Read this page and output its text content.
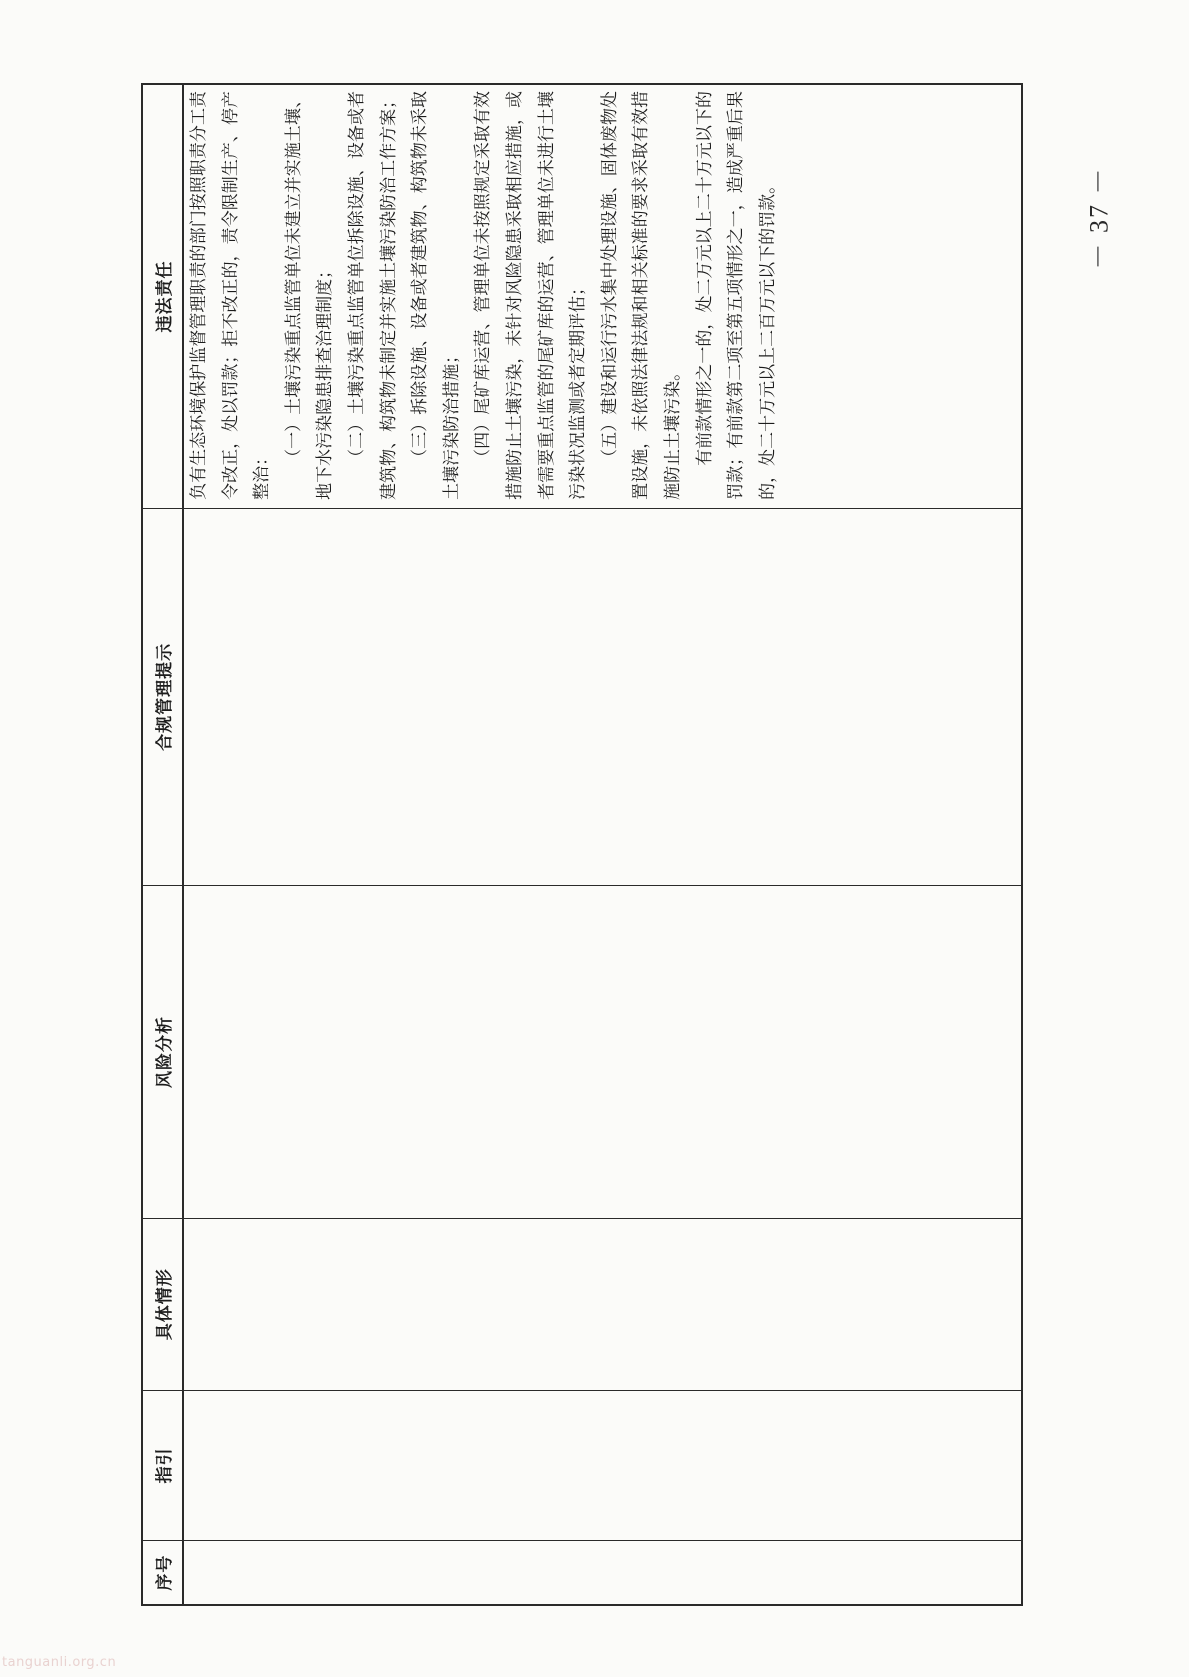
序号
指引
具体情形
风险分析
合规管理提示
违法责任 负有生态环境保护监督管理职责的部门按照职责分工责令改正，处以罚款；拒不改正的，责令限制生产、停产整治：

（一）土壤污染重点监管单位未建立并实施土壤、地下水污染隐患排查治理制度； （二）土壤污染重点监管单位拆除设施、设备或者建筑物、构筑物未制定并实施土壤污染防治工作方案； （三）拆除设施、设备或者建筑物、构筑物未采取土壤污染防治措施； （四）尾矿库运营、管理单位未按照规定采取有效措施防止土壤污染，未针对风险隐患采取相应措施，或者需要重点监管的尾矿库的运营、管理单位未进行土壤污染状况监测或者定期评估； （五）建设和运行污水集中处理设施、固体废物处置设施，未依照法律法规和相关标准的要求采取有效措施防止土壤污染。 有前款情形之一的，处二万元以上二十万元以下的罚款；有前款第二项至第五项情形之一，造成严重后果的，处二十万元以上二百万元以下的罚款。	－ 37 －
tanguanli.org.cn
